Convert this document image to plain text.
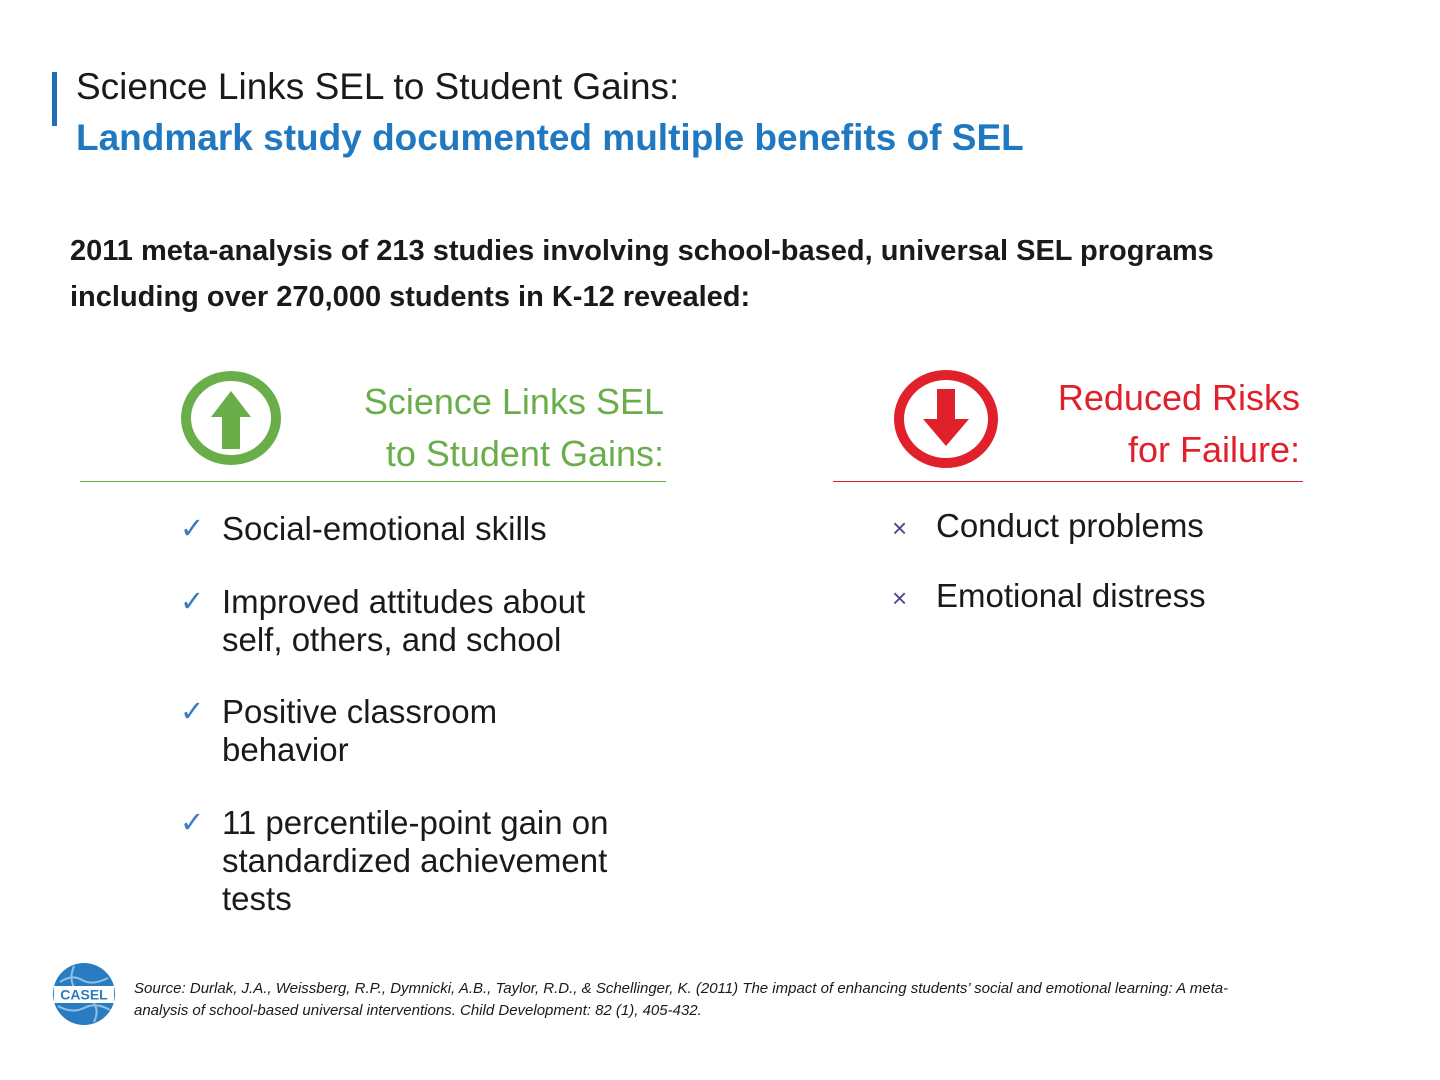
Science Links SEL to Student Gains:
Landmark study documented multiple benefits of SEL
2011 meta-analysis of 213 studies involving school-based, universal SEL programs
including over 270,000 students in K-12 revealed:
Science Links SEL
to Student Gains:
✓ Social-emotional skills
✓ Improved attitudes about
self, others, and school
✓ Positive classroom
behavior
✓ 11 percentile-point gain on
standardized achievement
tests
Reduced Risks
for Failure:
× Conduct problems
× Emotional distress
CASEL Source: Durlak, J.A., Weissberg, R.P., Dymnicki, A.B., Taylor, R.D., & Schellinger, K. (2011) The impact of enhancing students’ social and emotional learning: A meta-
analysis of school-based universal interventions. Child Development: 82 (1), 405-432.
